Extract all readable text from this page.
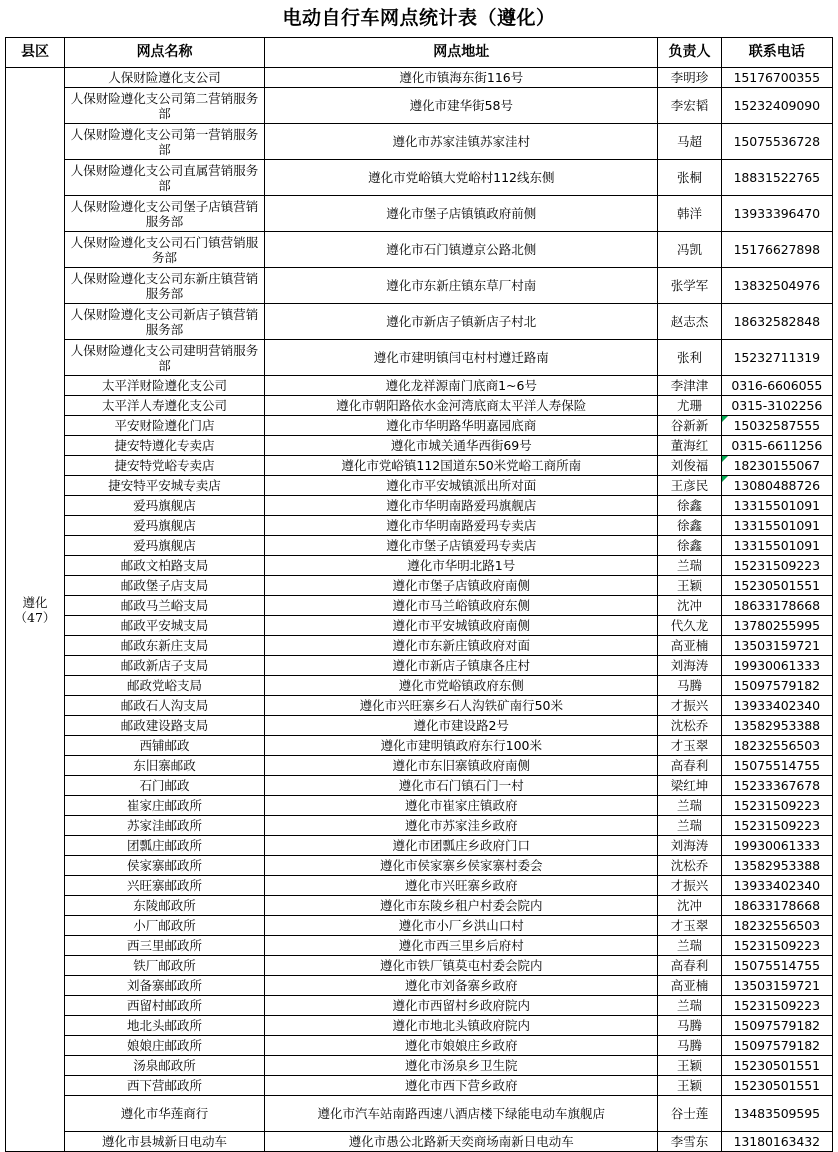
电动自行车网点统计表（遵化）
县区	网点名称	网点地址	负责人	联系电话

遵化
（47）	人保财险遵化支公司	遵化市镇海东街116号	李明珍	15176700355
	人保财险遵化支公司第二营销服务部	遵化市建华街58号	李宏韬	15232409090
	人保财险遵化支公司第一营销服务部	遵化市苏家洼镇苏家洼村	马超	15075536728
	人保财险遵化支公司直属营销服务部	遵化市党峪镇大党峪村112线东侧	张桐	18831522765
	人保财险遵化支公司堡子店镇营销服务部	遵化市堡子店镇镇政府前侧	韩洋	13933396470
	人保财险遵化支公司石门镇营销服务部	遵化市石门镇遵京公路北侧	冯凯	15176627898
	人保财险遵化支公司东新庄镇营销服务部	遵化市东新庄镇东草厂村南	张学军	13832504976
	人保财险遵化支公司新店子镇营销服务部	遵化市新店子镇新店子村北	赵志杰	18632582848
	人保财险遵化支公司建明营销服务部	遵化市建明镇闫屯村村遵迁路南	张利	15232711319
	太平洋财险遵化支公司	遵化龙祥源南门底商1~6号	李津津	0316-6606055
	太平洋人寿遵化支公司	遵化市朝阳路依水金河湾底商太平洋人寿保险	尤珊	0315-3102256
	平安财险遵化门店	遵化市华明路华明嘉园底商	谷新新	15032587555
	捷安特遵化专卖店	遵化市城关通华西街69号	董海红	0315-6611256
	捷安特党峪专卖店	遵化市党峪镇112国道东50米党峪工商所南	刘俊福	18230155067
	捷安特平安城专卖店	遵化市平安城镇派出所对面	王彦民	13080488726
	爱玛旗舰店	遵化市华明南路爱玛旗舰店	徐鑫	13315501091
	爱玛旗舰店	遵化市华明南路爱玛专卖店	徐鑫	13315501091
	爱玛旗舰店	遵化市堡子店镇爱玛专卖店	徐鑫	13315501091
	邮政文柏路支局	遵化市华明北路1号	兰瑞	15231509223
	邮政堡子店支局	遵化市堡子店镇政府南侧	王颖	15230501551
	邮政马兰峪支局	遵化市马兰峪镇政府东侧	沈冲	18633178668
	邮政平安城支局	遵化市平安城镇政府南侧	代久龙	13780255995
	邮政东新庄支局	遵化市东新庄镇政府对面	高亚楠	13503159721
	邮政新店子支局	遵化市新店子镇康各庄村	刘海涛	19930061333
	邮政党峪支局	遵化市党峪镇政府东侧	马腾	15097579182
	邮政石人沟支局	遵化市兴旺寨乡石人沟铁矿南行50米	才振兴	13933402340
	邮政建设路支局	遵化市建设路2号	沈松乔	13582953388
	西铺邮政	遵化市建明镇政府东行100米	才玉翠	18232556503
	东旧寨邮政	遵化市东旧寨镇政府南侧	高春利	15075514755
	石门邮政	遵化市石门镇石门一村	梁红坤	15233367678
	崔家庄邮政所	遵化市崔家庄镇政府	兰瑞	15231509223
	苏家洼邮政所	遵化市苏家洼乡政府	兰瑞	15231509223
	团瓢庄邮政所	遵化市团瓢庄乡政府门口	刘海涛	19930061333
	侯家寨邮政所	遵化市侯家寨乡侯家寨村委会	沈松乔	13582953388
	兴旺寨邮政所	遵化市兴旺寨乡政府	才振兴	13933402340
	东陵邮政所	遵化市东陵乡租户村委会院内	沈冲	18633178668
	小厂邮政所	遵化市小厂乡洪山口村	才玉翠	18232556503
	西三里邮政所	遵化市西三里乡后府村	兰瑞	15231509223
	铁厂邮政所	遵化市铁厂镇莫屯村委会院内	高春利	15075514755
	刘备寨邮政所	遵化市刘备寨乡政府	高亚楠	13503159721
	西留村邮政所	遵化市西留村乡政府院内	兰瑞	15231509223
	地北头邮政所	遵化市地北头镇政府院内	马腾	15097579182
	娘娘庄邮政所	遵化市娘娘庄乡政府	马腾	15097579182
	汤泉邮政所	遵化市汤泉乡卫生院	王颖	15230501551
	西下营邮政所	遵化市西下营乡政府	王颖	15230501551
	遵化市华莲商行	遵化市汽车站南路西速八酒店楼下绿能电动车旗舰店	谷士莲	13483509595
	遵化市县城新日电动车	遵化市愚公北路新天奕商场南新日电动车	李雪东	13180163432
